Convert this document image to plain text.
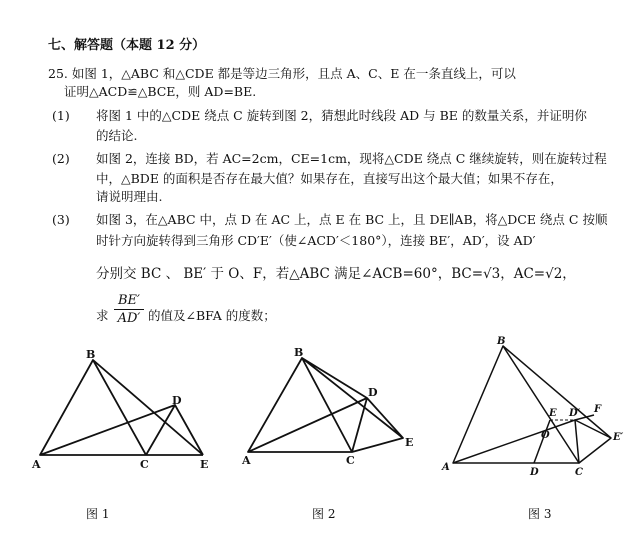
七、解答题（本题 12 分）
25. 如图 1，△ABC 和△CDE 都是等边三角形，且点 A、C、E 在一条直线上，可以
证明△ACD≌△BCE，则 AD=BE.
(1) 将图 1 中的△CDE 绕点 C 旋转到图 2，猜想此时线段 AD 与 BE 的数量关系，并证明你
的结论.
(2) 如图 2，连接 BD，若 AC=2cm，CE=1cm，现将△CDE 绕点 C 继续旋转，则在旋转过程
中，△BDE 的面积是否存在最大值？如果存在，直接写出这个最大值；如果不存在，
请说明理由.
(3) 如图 3，在△ABC 中，点 D 在 AC 上，点 E 在 BC 上，且 DE∥AB，将△DCE 绕点 C 按顺
时针方向旋转得到三角形 CD′E′（使∠ACD′＜180°），连接 BE′，AD′，设 AD′
分别交 BC 、 BE′ 于 O、F，若△ABC 满足∠ACB=60°，BC=√3，AC=√2，
求 $\frac{BE'}{AD'}$ 的值及∠BFA 的度数；
B
A	C
D
E
B
A	C
D
E
B
A	D	C
E
O
D′ F
E′
图 1	图 2	图 3
